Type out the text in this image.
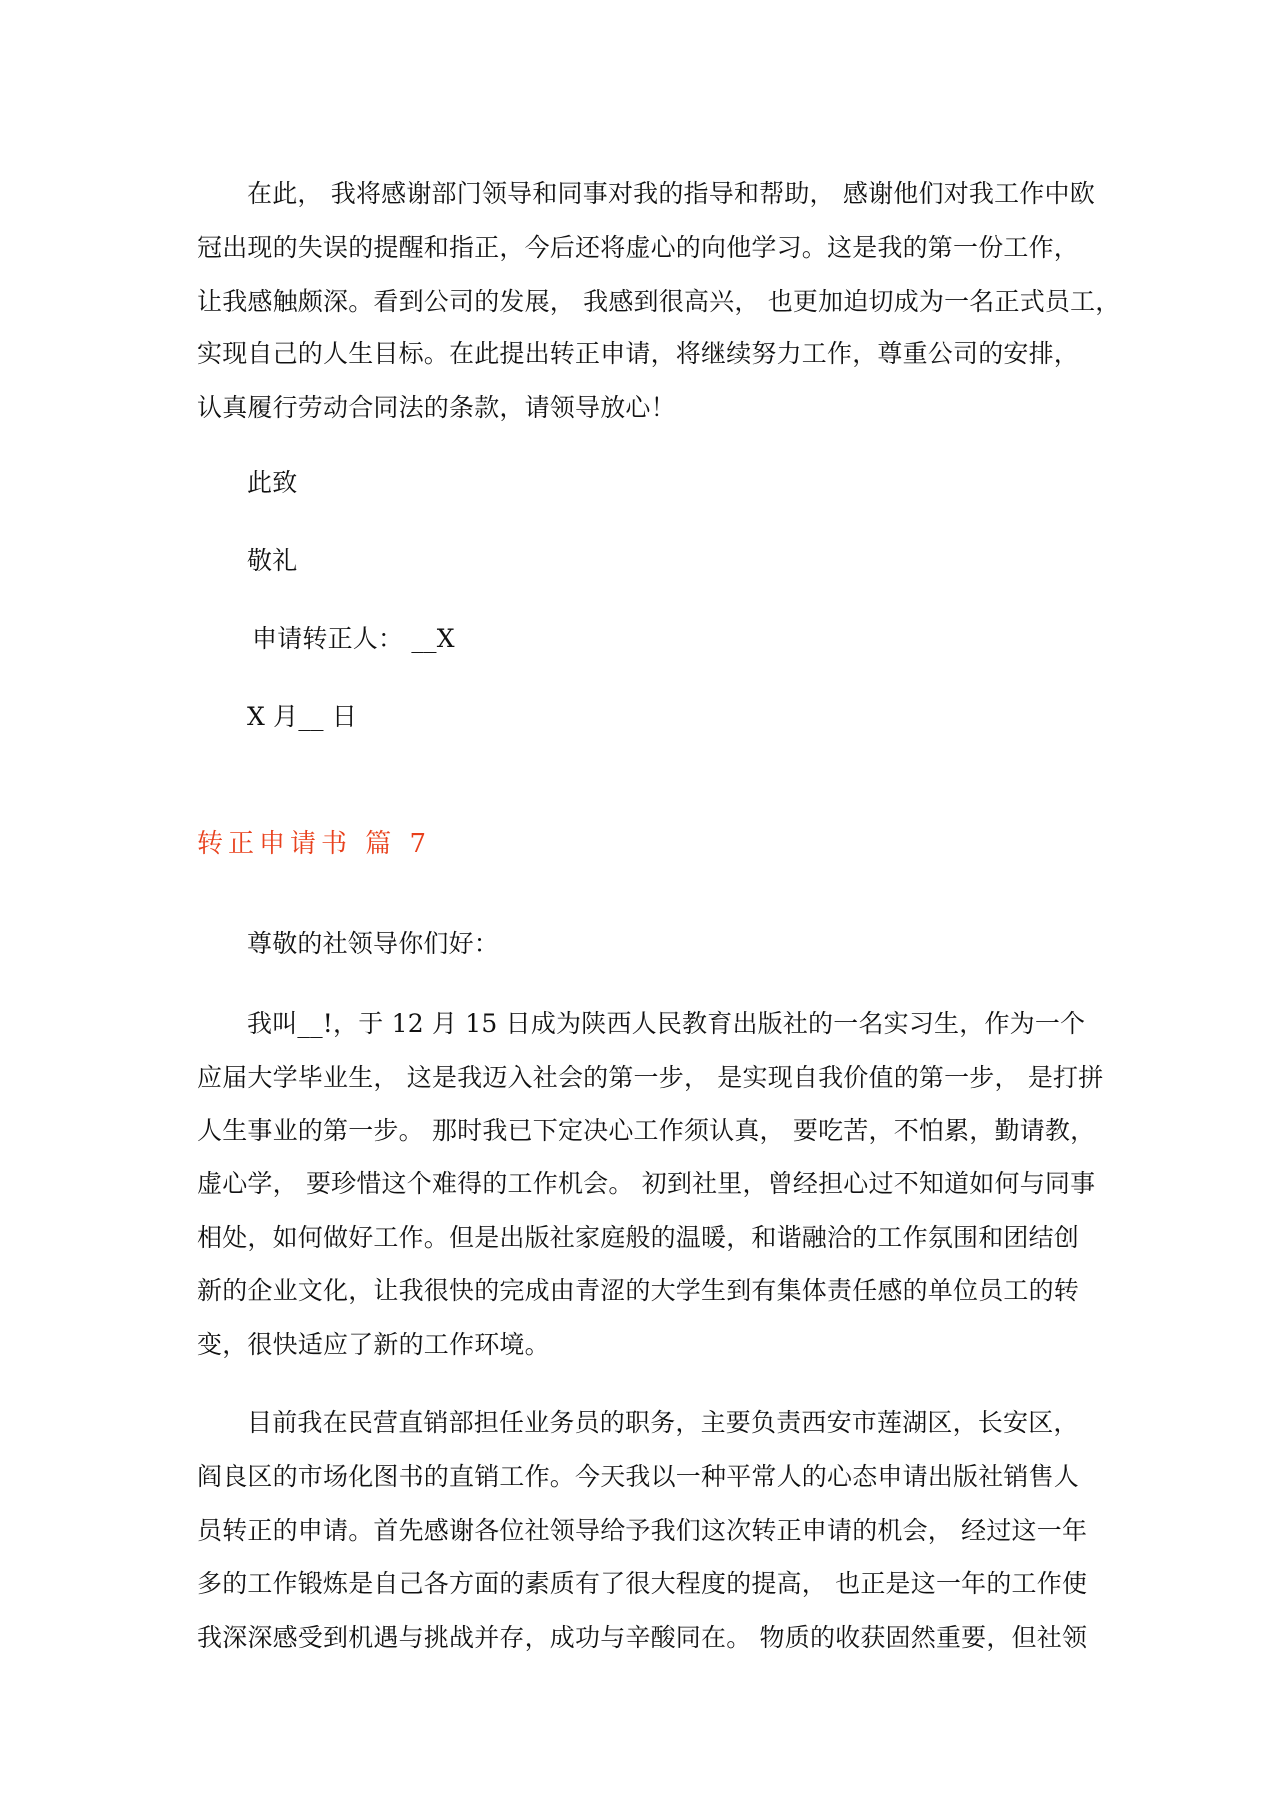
在此， 我将感谢部门领导和同事对我的指导和帮助， 感谢他们对我工作中欧
冠出现的失误的提醒和指正，今后还将虚心的向他学习。这是我的第一份工作，
让我感触颇深。看到公司的发展， 我感到很高兴， 也更加迫切成为一名正式员工，
实现自己的人生目标。在此提出转正申请，将继续努力工作，尊重公司的安排，
认真履行劳动合同法的条款，请领导放心！
此致
敬礼
申请转正人： __X
X 月__ 日
转正申请书 篇 7
尊敬的社领导你们好：
我叫__!，于 12 月 15 日成为陕西人民教育出版社的一名实习生，作为一个
应届大学毕业生， 这是我迈入社会的第一步， 是实现自我价值的第一步， 是打拼
人生事业的第一步。 那时我已下定决心工作须认真， 要吃苦，不怕累，勤请教，
虚心学， 要珍惜这个难得的工作机会。 初到社里，曾经担心过不知道如何与同事
相处，如何做好工作。但是出版社家庭般的温暖，和谐融洽的工作氛围和团结创
新的企业文化，让我很快的完成由青涩的大学生到有集体责任感的单位员工的转
变，很快适应了新的工作环境。
目前我在民营直销部担任业务员的职务，主要负责西安市莲湖区，长安区，
阎良区的市场化图书的直销工作。今天我以一种平常人的心态申请出版社销售人
员转正的申请。首先感谢各位社领导给予我们这次转正申请的机会， 经过这一年
多的工作锻炼是自己各方面的素质有了很大程度的提高， 也正是这一年的工作使
我深深感受到机遇与挑战并存，成功与辛酸同在。 物质的收获固然重要，但社领
